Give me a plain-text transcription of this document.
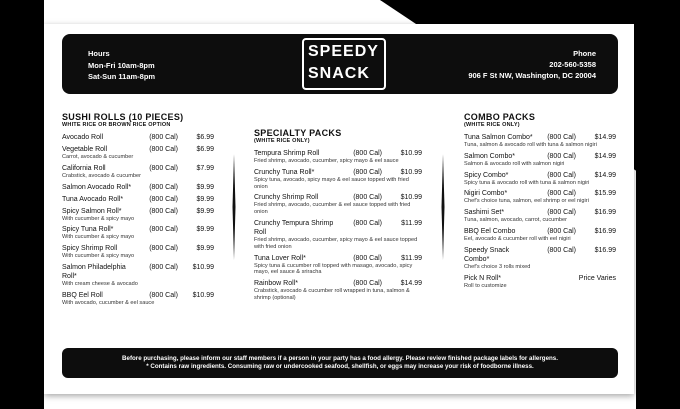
Hours
Mon-Fri 10am-8pm
Sat-Sun 11am-8pm
SPEEDY
SNACK
Phone
202-560-5358
906 F St NW, Washington, DC 20004
SUSHI ROLLS (10 PIECES)
WHITE RICE OR BROWN RICE OPTION
Avocado Roll	(800 Cal)	$6.99
Vegetable Roll	(800 Cal)	$6.99
Carrot, avocado & cucumber
California Roll	(800 Cal)	$7.99
Crabstick, avocado & cucumber
Salmon Avocado Roll*	(800 Cal)	$9.99
Tuna Avocado Roll*	(800 Cal)	$9.99
Spicy Salmon Roll*	(800 Cal)	$9.99
With cucumber & spicy mayo
Spicy Tuna Roll*	(800 Cal)	$9.99
With cucumber & spicy mayo
Spicy Shrimp Roll	(800 Cal)	$9.99
With cucumber & spicy mayo
Salmon Philadelphia Roll*
(800 Cal)	$10.99
With cream cheese & avocado
BBQ Eel Roll	(800 Cal)	$10.99
With avocado, cucumber & eel sauce
SPECIALTY PACKS
(WHITE RICE ONLY)
Tempura Shrimp Roll	(800 Cal)	$10.99
Fried shrimp, avocado, cucumber, spicy mayo & eel sauce
Crunchy Tuna Roll*	(800 Cal)	$10.99
Spicy tuna, avocado, spicy mayo & eel sauce topped with fried onion
Crunchy Shrimp Roll	(800 Cal)	$10.99
Fried shrimp, avocado, cucumber & eel sauce topped with fried onion
Crunchy Tempura Shrimp Roll
(800 Cal)	$11.99
Fried shrimp, avocado, cucumber, spicy mayo & eel sauce topped with fried onion
Tuna Lover Roll*	(800 Cal)	$11.99
Spicy tuna & cucumber roll topped with masago, avocado, spicy mayo, eel sauce & sriracha
Rainbow Roll*	(800 Cal)	$14.99
Crabstick, avocado & cucumber roll wrapped in tuna, salmon & shrimp (optional)
COMBO PACKS
(WHITE RICE ONLY)
Tuna Salmon Combo*	(800 Cal)	$14.99
Tuna, salmon & avocado roll with tuna & salmon nigiri
Salmon Combo*	(800 Cal)	$14.99
Salmon & avocado roll with salmon nigiri
Spicy Combo*	(800 Cal)	$14.99
Spicy tuna & avocado roll with tuna & salmon nigiri
Nigiri Combo*	(800 Cal)	$15.99
Chef's choice tuna, salmon, eel shrimp or eel nigiri
Sashimi Set*	(800 Cal)	$16.99
Tuna, salmon, avocado, carrot, cucumber
BBQ Eel Combo	(800 Cal)	$16.99
Eel, avocado & cucumber roll with eel nigiri
Speedy Snack Combo*
(800 Cal)	$16.99
Chef's choice 3 rolls mixed
Pick N Roll*	Price Varies
Roll to customize
Before purchasing, please inform our staff members if a person in your party has a food allergy. Please review finished package labels for allergens.
* Contains raw ingredients. Consuming raw or undercooked seafood, shellfish, or eggs may increase your risk of foodborne illness.
